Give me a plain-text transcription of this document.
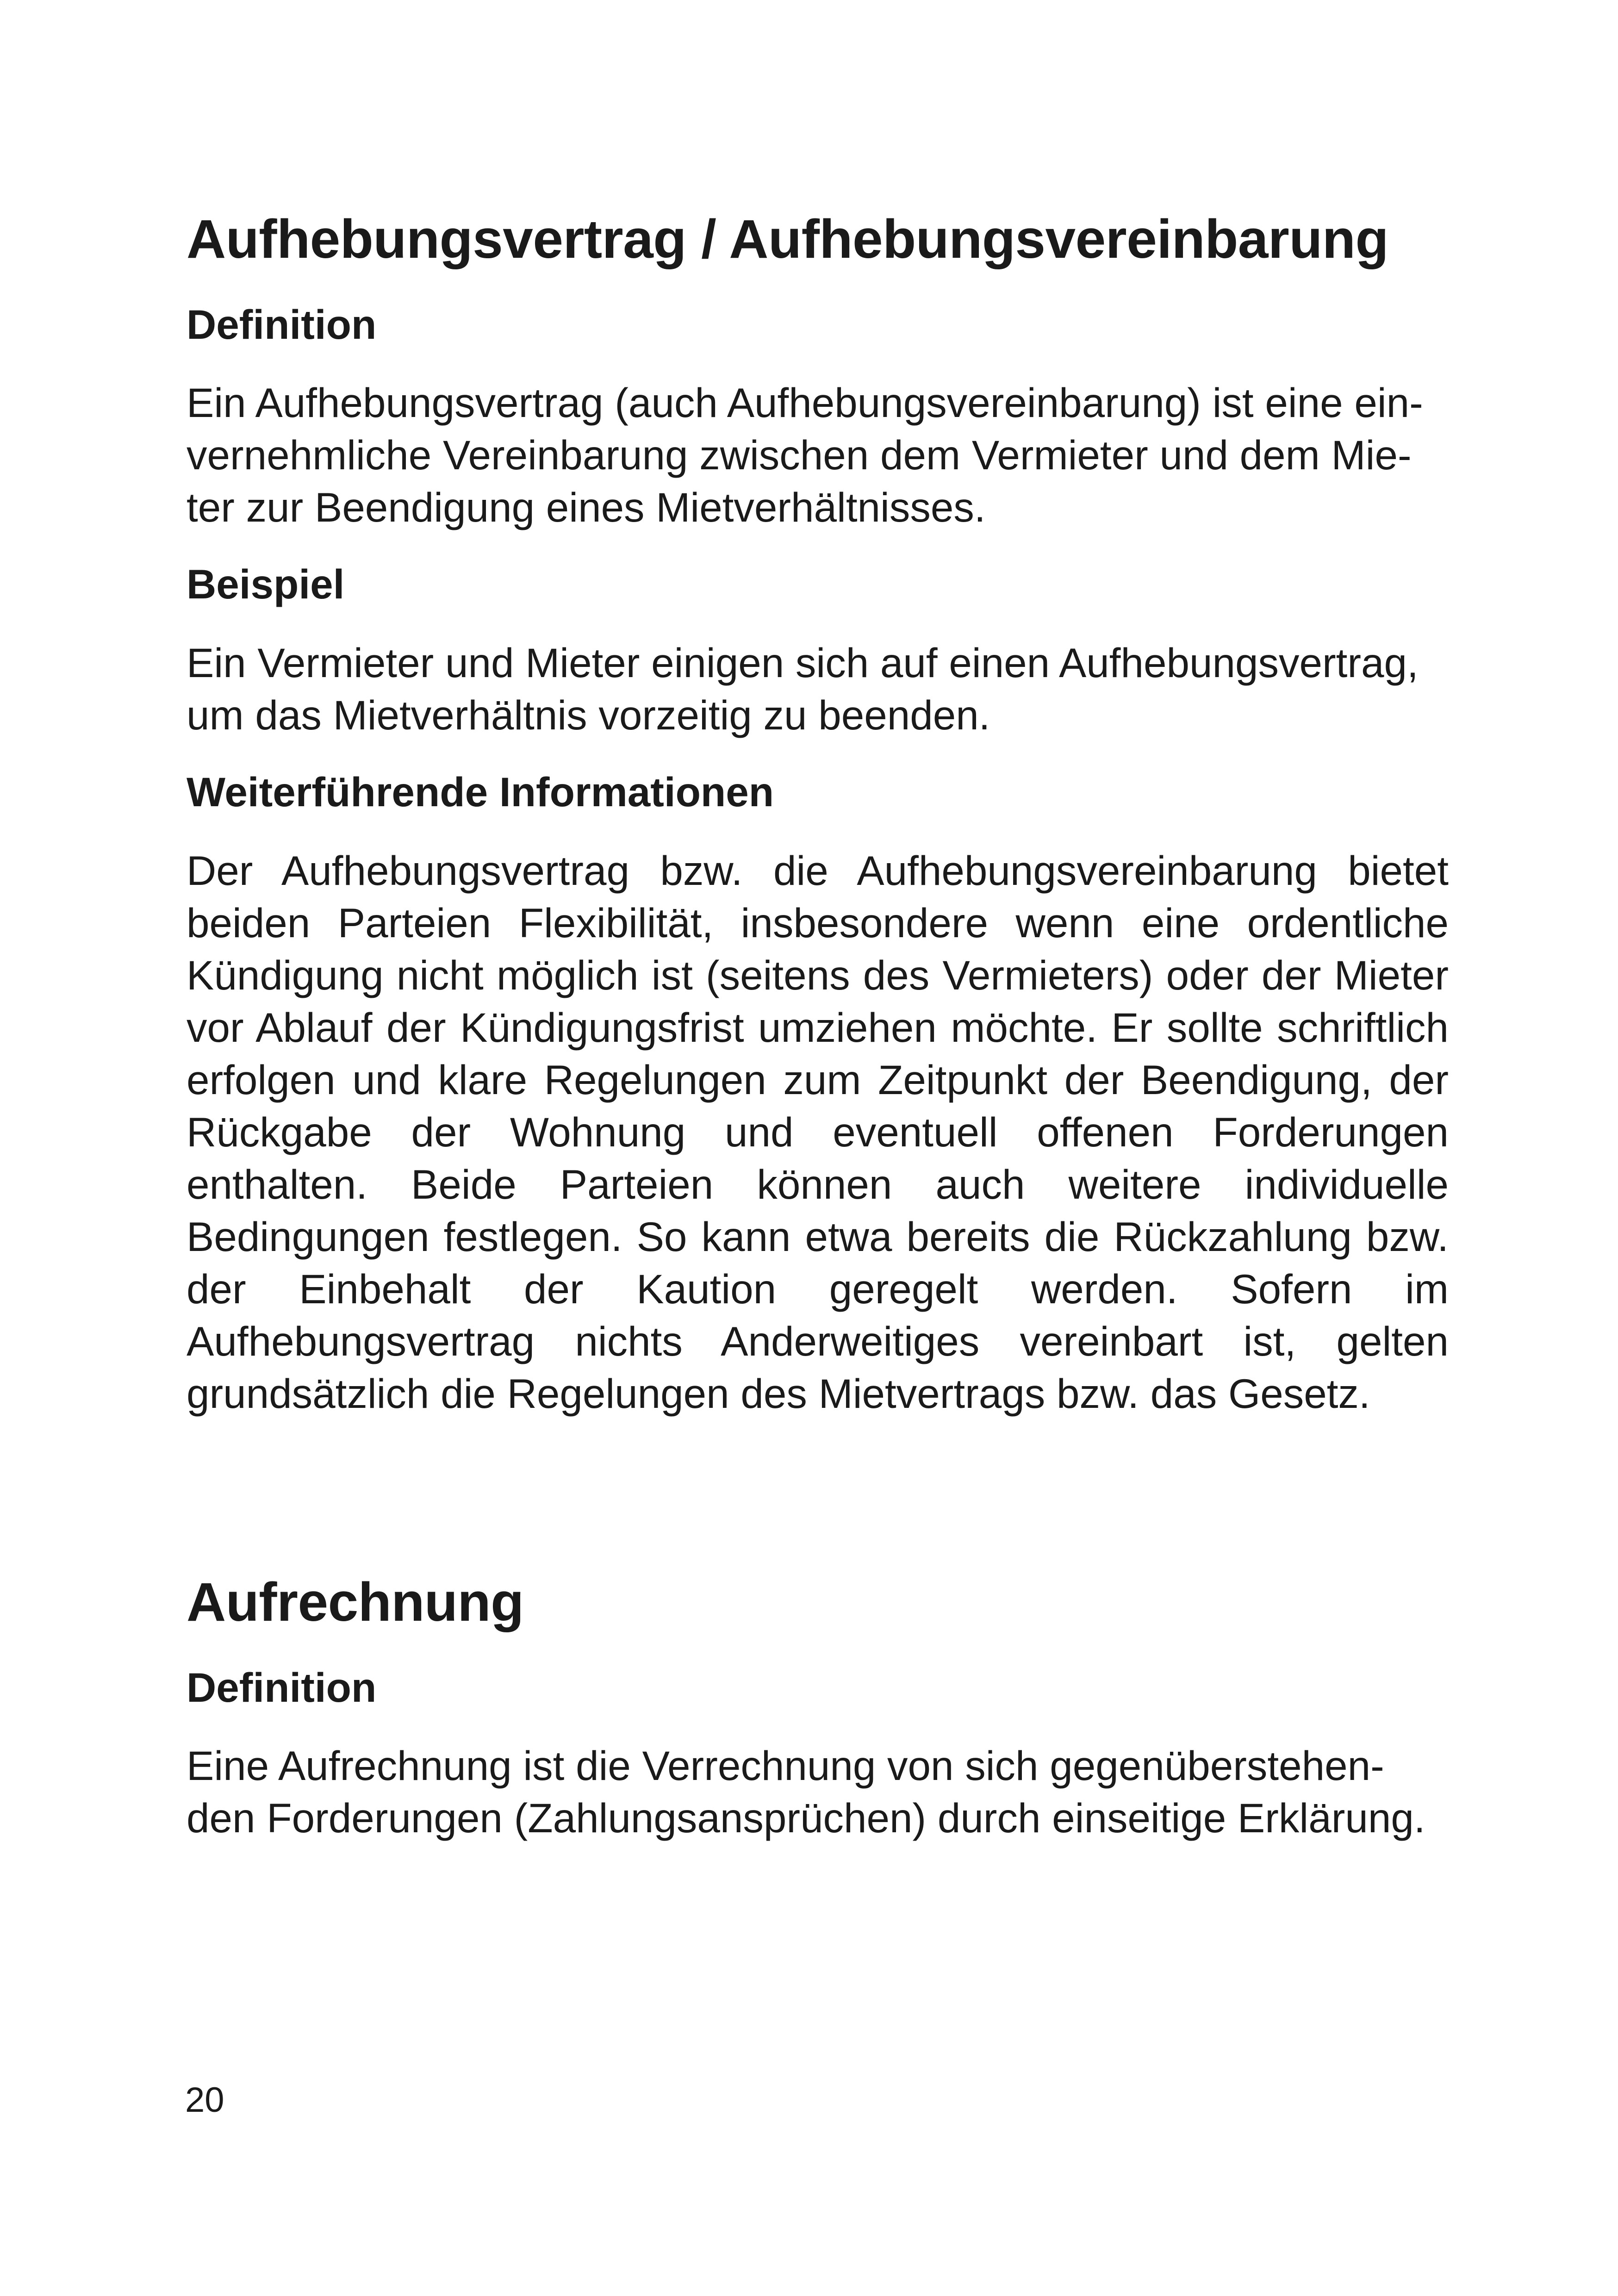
Aufhebungsvertrag / Aufhebungsvereinbarung
Definition

Ein Aufhebungsvertrag (auch Aufhebungsvereinbarung) ist eine ein-
vernehmliche Vereinbarung zwischen dem Vermieter und dem Mie-
ter zur Beendigung eines Mietverhältnisses.

Beispiel

Ein Vermieter und Mieter einigen sich auf einen Aufhebungsvertrag,
um das Mietverhältnis vorzeitig zu beenden.

Weiterführende Informationen

Der Aufhebungsvertrag bzw. die Aufhebungsvereinbarung bietet beiden Parteien Flexibilität, insbesondere wenn eine ordentliche Kündigung nicht möglich ist (seitens des Vermieters) oder der Mieter vor Ablauf der Kündigungsfrist umziehen möchte. Er sollte schriftlich erfolgen und klare Regelungen zum Zeitpunkt der Beendigung, der Rückgabe der Wohnung und eventuell offenen Forderungen enthalten. Beide Parteien können auch weitere individuelle Bedingungen festlegen. So kann etwa bereits die Rückzahlung bzw. der Einbehalt der Kaution geregelt werden. Sofern im Aufhebungsvertrag nichts Anderweitiges vereinbart ist, gelten grundsätzlich die Regelungen des Mietvertrags bzw. das Gesetz.

Aufrechnung
Definition

Eine Aufrechnung ist die Verrechnung von sich gegenüberstehen-
den Forderungen (Zahlungsansprüchen) durch einseitige Erklärung.

20
